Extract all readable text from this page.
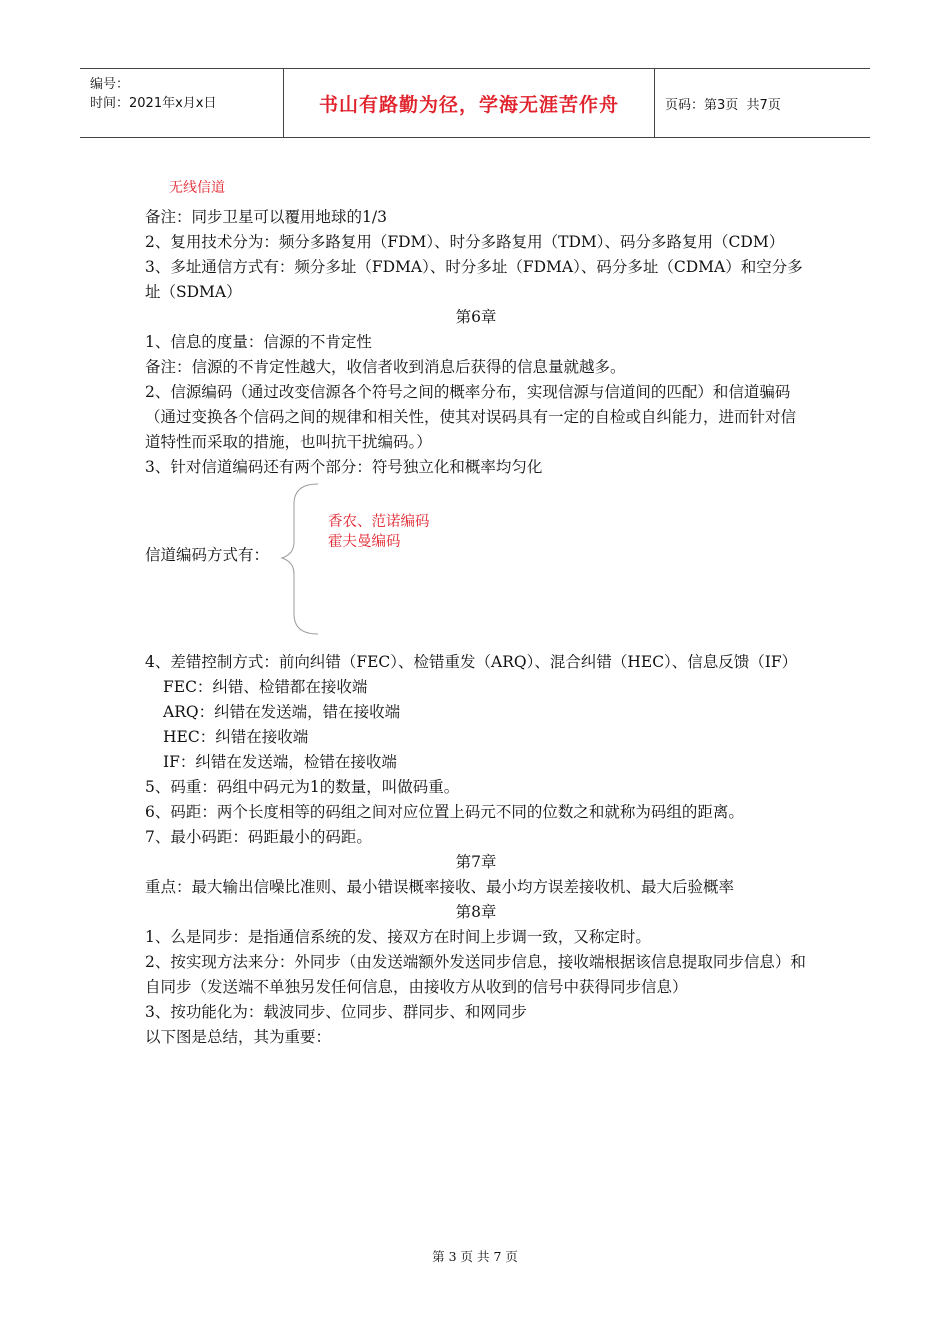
编号：
时间：2021年x月x日	书山有路勤为径，学海无涯苦作舟	页码：第3页  共7页
无线信道

备注：同步卫星可以覆用地球的1/3

2、复用技术分为：频分多路复用（FDM）、时分多路复用（TDM）、码分多路复用（CDM）

3、多址通信方式有：频分多址（FDMA）、时分多址（FDMA）、码分多址（CDMA）和空分多址（SDMA）

第6章

1、信息的度量：信源的不肯定性

备注：信源的不肯定性越大，收信者收到消息后获得的信息量就越多。

2、信源编码（通过改变信源各个符号之间的概率分布，实现信源与信道间的匹配）和信道骗码（通过变换各个信码之间的规律和相关性，使其对误码具有一定的自检或自纠能力，进而针对信道特性而采取的措施，也叫抗干扰编码。）

3、针对信道编码还有两个部分：符号独立化和概率均匀化

信道编码方式有：
香农、范诺编码
霍夫曼编码

4、差错控制方式：前向纠错（FEC）、检错重发（ARQ）、混合纠错（HEC）、信息反馈（IF）

FEC：纠错、检错都在接收端

ARQ：纠错在发送端，错在接收端

HEC：纠错在接收端

IF：纠错在发送端，检错在接收端

5、码重：码组中码元为1的数量，叫做码重。

6、码距：两个长度相等的码组之间对应位置上码元不同的位数之和就称为码组的距离。

7、最小码距：码距最小的码距。

第7章

重点：最大输出信噪比准则、最小错误概率接收、最小均方误差接收机、最大后验概率

第8章

1、么是同步：是指通信系统的发、接双方在时间上步调一致，又称定时。

2、按实现方法来分：外同步（由发送端额外发送同步信息，接收端根据该信息提取同步信息）和自同步（发送端不单独另发任何信息，由接收方从收到的信号中获得同步信息）

3、按功能化为：载波同步、位同步、群同步、和网同步

以下图是总结，其为重要：

第 3 页 共 7 页
